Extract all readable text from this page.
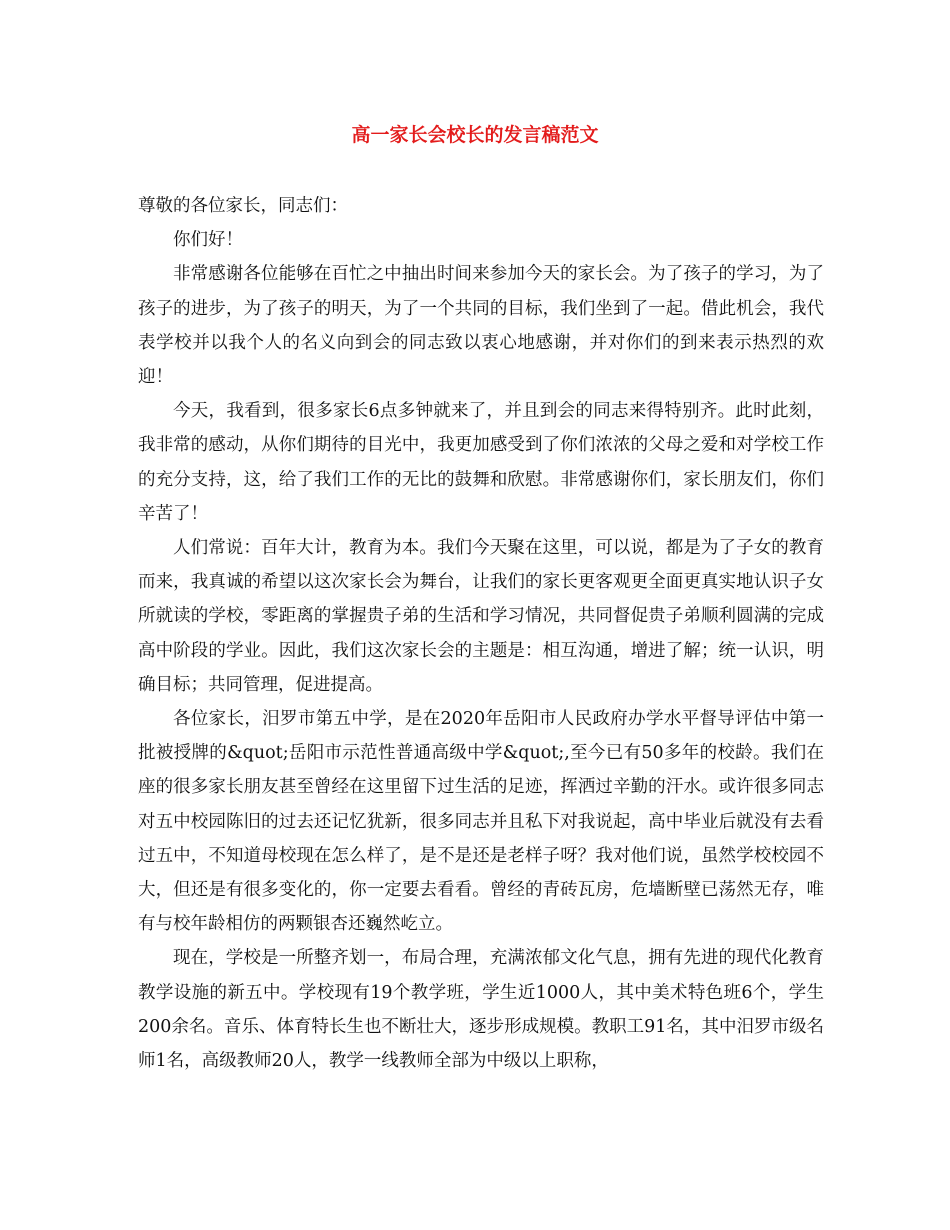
高一家长会校长的发言稿范文

尊敬的各位家长，同志们：

你们好！

非常感谢各位能够在百忙之中抽出时间来参加今天的家长会。为了孩子的学习，为了孩子的进步，为了孩子的明天，为了一个共同的目标，我们坐到了一起。借此机会，我代表学校并以我个人的名义向到会的同志致以衷心地感谢，并对你们的到来表示热烈的欢迎！

今天，我看到，很多家长6点多钟就来了，并且到会的同志来得特别齐。此时此刻，我非常的感动，从你们期待的目光中，我更加感受到了你们浓浓的父母之爱和对学校工作的充分支持，这，给了我们工作的无比的鼓舞和欣慰。非常感谢你们，家长朋友们，你们辛苦了！

人们常说：百年大计，教育为本。我们今天聚在这里，可以说，都是为了子女的教育而来，我真诚的希望以这次家长会为舞台，让我们的家长更客观更全面更真实地认识子女所就读的学校，零距离的掌握贵子弟的生活和学习情况，共同督促贵子弟顺利圆满的完成高中阶段的学业。因此，我们这次家长会的主题是：相互沟通，增进了解；统一认识，明确目标；共同管理，促进提高。

各位家长，汨罗市第五中学，是在2020年岳阳市人民政府办学水平督导评估中第一批被授牌的&quot;岳阳市示范性普通高级中学&quot;,至今已有50多年的校龄。我们在座的很多家长朋友甚至曾经在这里留下过生活的足迹，挥洒过辛勤的汗水。或许很多同志对五中校园陈旧的过去还记忆犹新，很多同志并且私下对我说起，高中毕业后就没有去看过五中，不知道母校现在怎么样了，是不是还是老样子呀？我对他们说，虽然学校校园不大，但还是有很多变化的，你一定要去看看。曾经的青砖瓦房，危墙断壁已荡然无存，唯有与校年龄相仿的两颗银杏还巍然屹立。

现在，学校是一所整齐划一，布局合理，充满浓郁文化气息，拥有先进的现代化教育教学设施的新五中。学校现有19个教学班，学生近1000人，其中美术特色班6个，学生200余名。音乐、体育特长生也不断壮大，逐步形成规模。教职工91名，其中汨罗市级名师1名，高级教师20人，教学一线教师全部为中级以上职称，
